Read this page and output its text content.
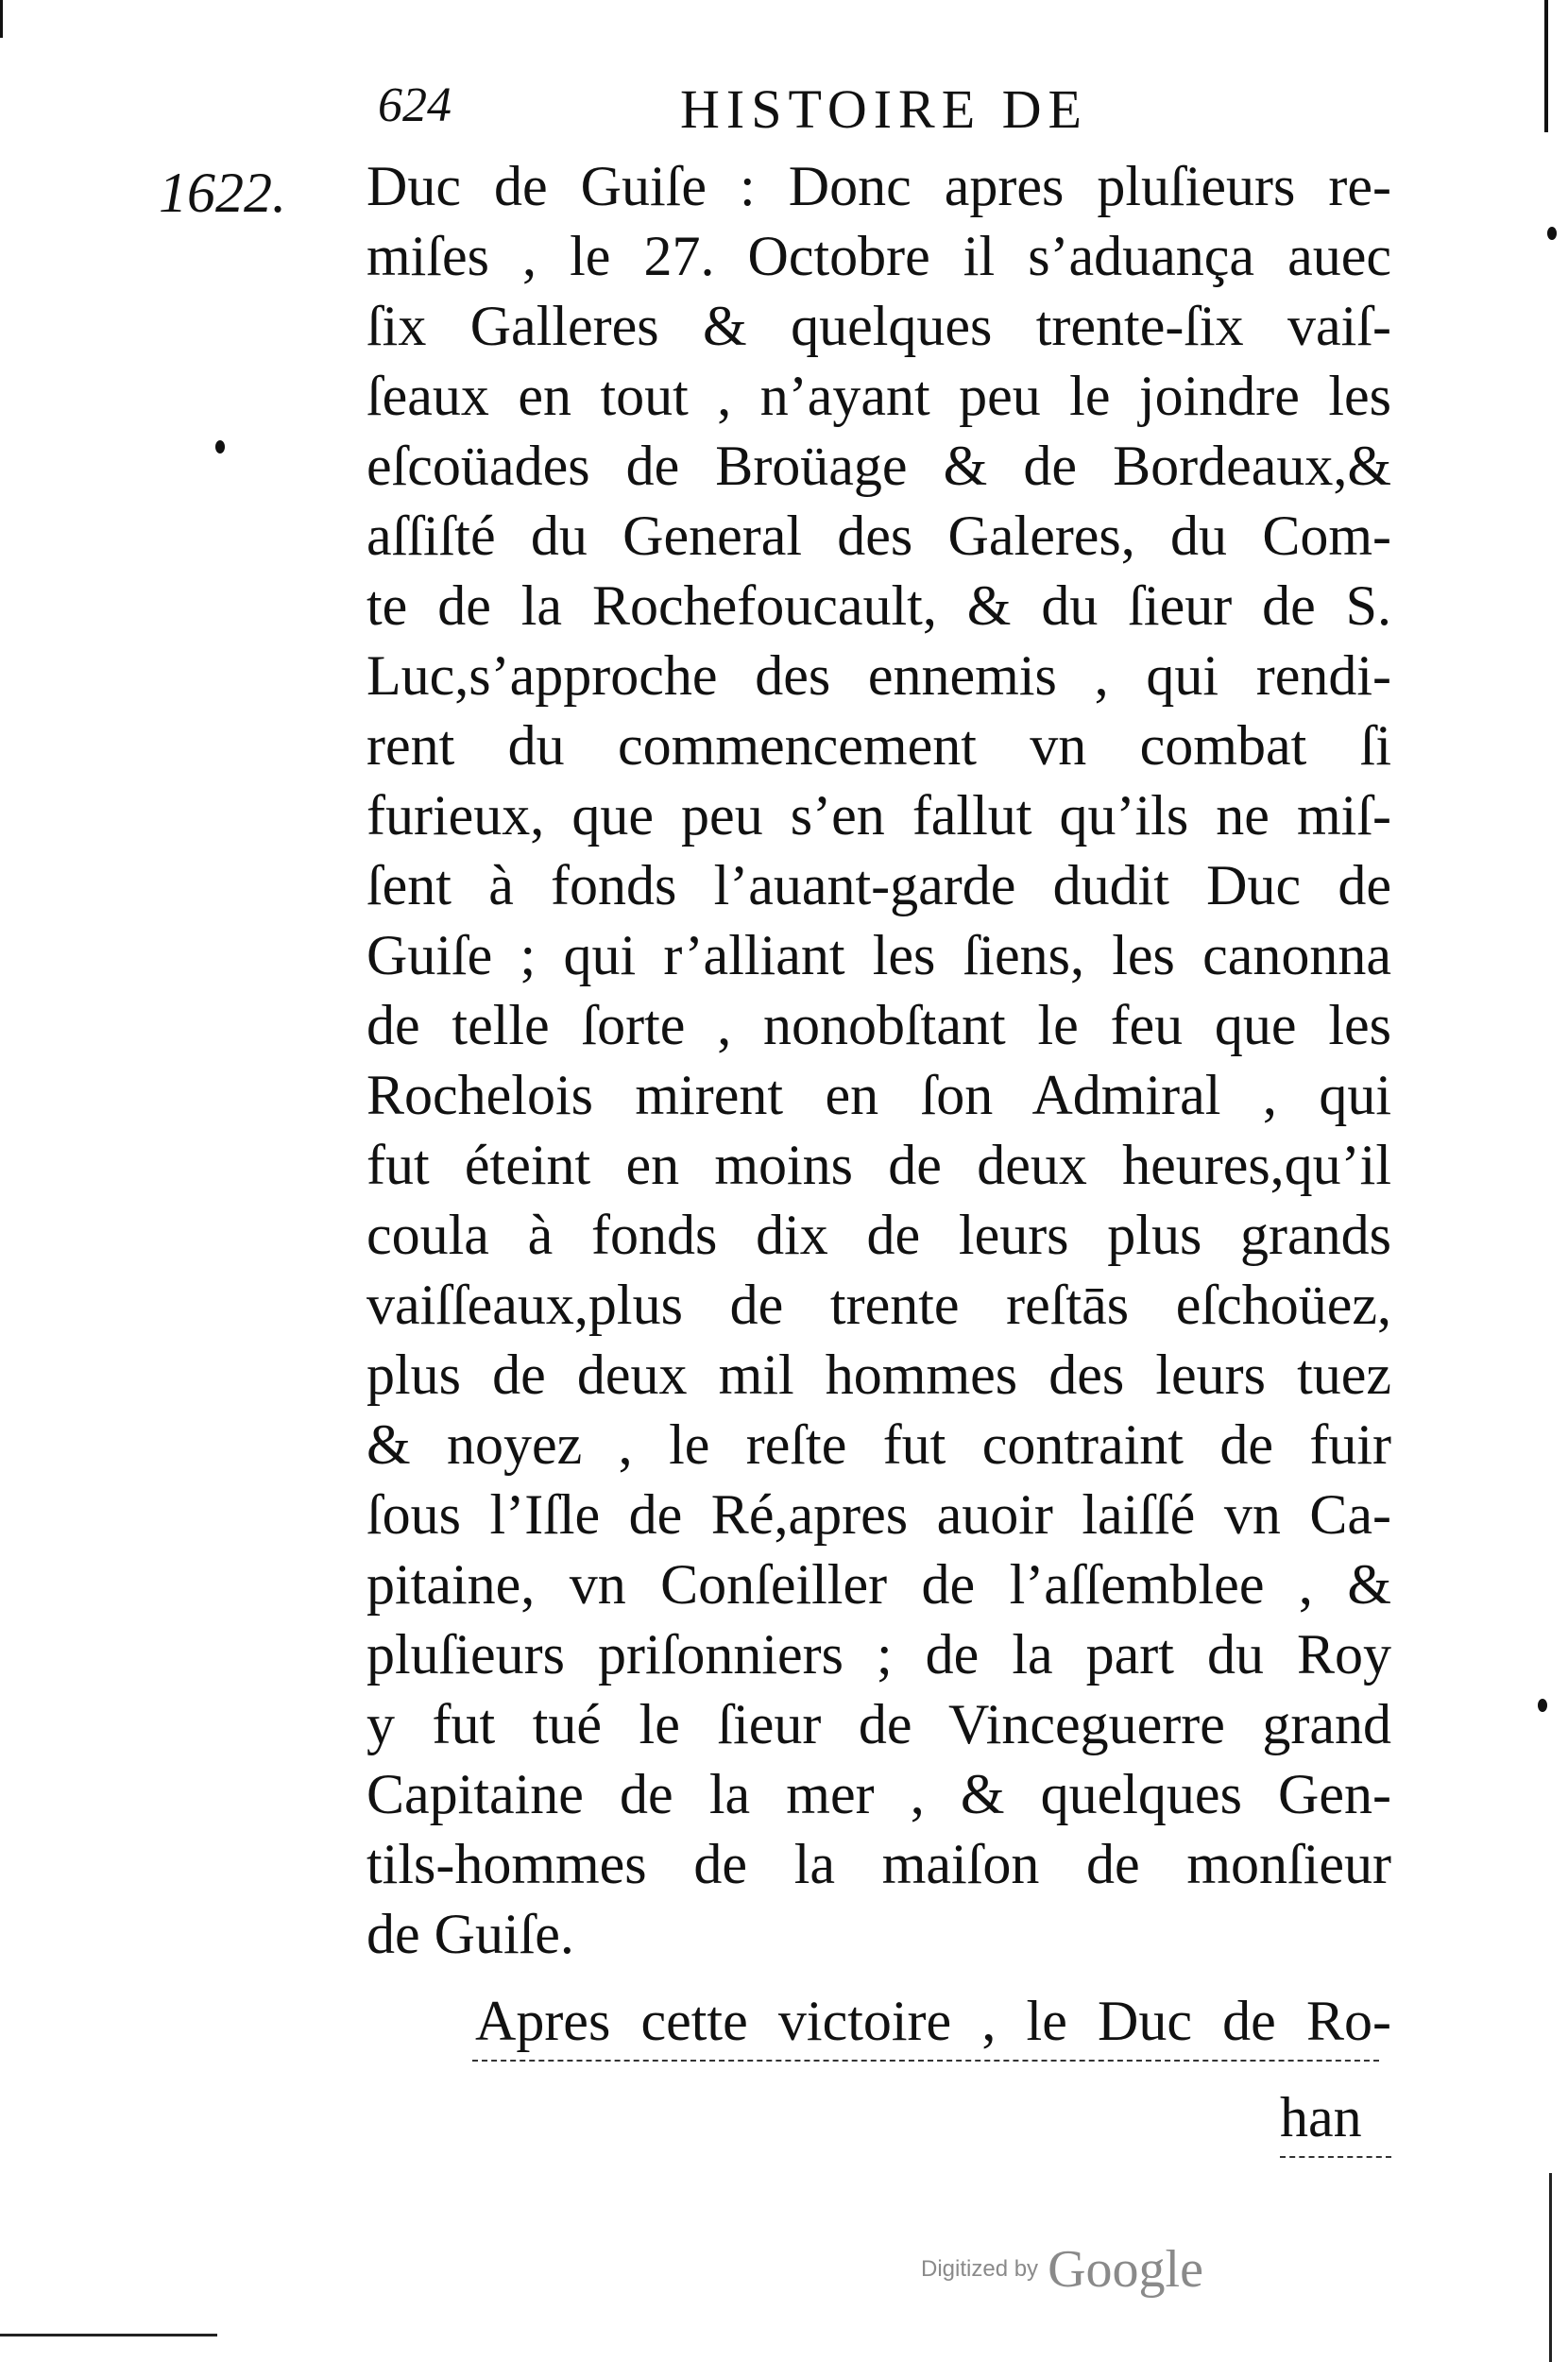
624	HISTOIRE DE
1622. Duc de Guiſe : Donc apres pluſieurs re-
miſes , le 27. Octobre il s’aduança auec
ſix Galleres & quelques trente-ſix vaiſ-
ſeaux en tout , n’ayant peu le joindre les
eſcoüades de Broüage & de Bordeaux,&
aſſiſté du General des Galeres, du Com-
te de la Rochefoucault, & du ſieur de S.
Luc,s’approche des ennemis , qui rendi-
rent du commencement vn combat ſi
furieux, que peu s’en fallut qu’ils ne miſ-
ſent à fonds l’auant-garde dudit Duc de
Guiſe ; qui r’alliant les ſiens, les canonna
de telle ſorte , nonobſtant le feu que les
Rochelois mirent en ſon Admiral , qui
fut éteint en moins de deux heures,qu’il
coula à fonds dix de leurs plus grands
vaiſſeaux,plus de trente reſtās eſchoüez,
plus de deux mil hommes des leurs tuez
& noyez , le reſte fut contraint de fuir
ſous l’Iſle de Ré,apres auoir laiſſé vn Ca-
pitaine, vn Conſeiller de l’aſſemblee , &
pluſieurs priſonniers ; de la part du Roy
y fut tué le ſieur de Vinceguerre grand
Capitaine de la mer , & quelques Gen-
tils-hommes de la maiſon de monſieur
de Guiſe.
Apres cette victoire , le Duc de Ro-
han
Digitized by Google
